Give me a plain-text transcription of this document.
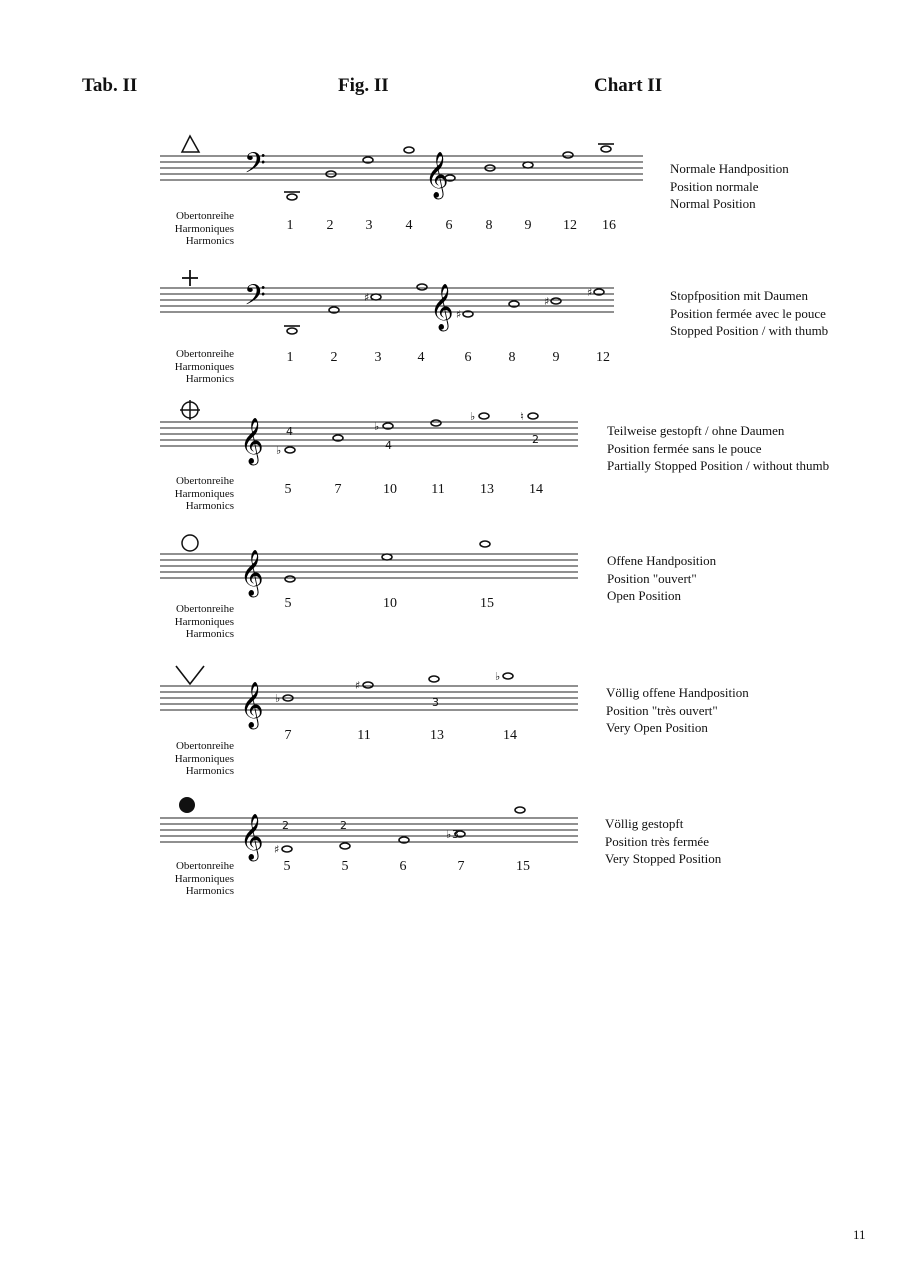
Tab. II	Fig. II	Chart II
𝄢	𝄞
1 2 3 4 6 8 9 12 16
Obertonreihe
Harmoniques
Harmonics
Normale Handposition
Position normale
Normal Position
𝄢	𝄞
♯
♯
♯
♯
1	2	3	4	6	8	9	12
Obertonreihe
Harmoniques
Harmonics
Stopfposition mit Daumen
Position fermée avec le pouce
Stopped Position / with thumb
𝄞 ♭
♭
♭	♮
4
4	2
5	7	10 11	13	14
Obertonreihe
Harmoniques
Harmonics
Teilweise gestopft / ohne Daumen
Position fermée sans le pouce
Partially Stopped Position / without thumb
𝄞
5	10	15
Obertonreihe
Harmoniques
Harmonics
Offene Handposition
Position "ouvert"
Open Position
𝄞 ♭
♯
♭
3
7	11	13	14
Obertonreihe
Harmoniques
Harmonics
Völlig offene Handposition
Position "très ouvert"
Very Open Position
𝄞 ♯
♭
2	2
3
5	5	6	7	15
Obertonreihe
Harmoniques
Harmonics
Völlig gestopft
Position très fermée
Very Stopped Position
11
